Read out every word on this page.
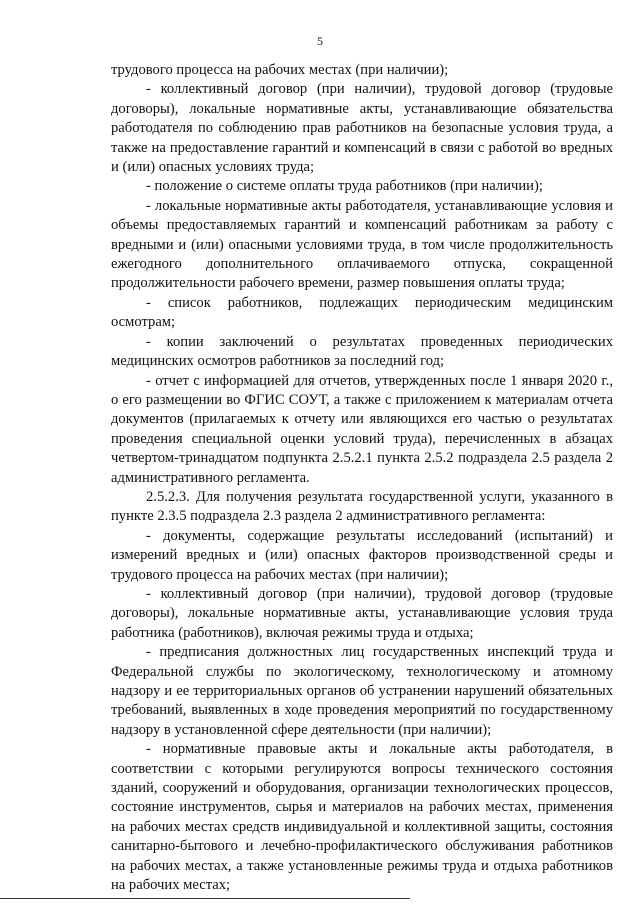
5

трудового процесса на рабочих местах (при наличии);

- коллективный договор (при наличии), трудовой договор (трудовые договоры), локальные нормативные акты, устанавливающие обязательства работодателя по соблюдению прав работников на безопасные условия труда, а также на предоставление гарантий и компенсаций в связи с работой во вредных и (или) опасных условиях труда;

- положение о системе оплаты труда работников (при наличии);

- локальные нормативные акты работодателя, устанавливающие условия и объемы предоставляемых гарантий и компенсаций работникам за работу с вредными и (или) опасными условиями труда, в том числе продолжительность ежегодного дополнительного оплачиваемого отпуска, сокращенной продолжительности рабочего времени, размер повышения оплаты труда;

- список работников, подлежащих периодическим медицинским осмотрам;

- копии заключений о результатах проведенных периодических медицинских осмотров работников за последний год;

- отчет с информацией для отчетов, утвержденных после 1 января 2020 г., о его размещении во ФГИС СОУТ, а также с приложением к материалам отчета документов (прилагаемых к отчету или являющихся его частью о результатах проведения специальной оценки условий труда), перечисленных в абзацах четвертом-тринадцатом подпункта 2.5.2.1 пункта 2.5.2 подраздела 2.5 раздела 2 административного регламента.

2.5.2.3. Для получения результата государственной услуги, указанного в пункте 2.3.5 подраздела 2.3 раздела 2 административного регламента:

- документы, содержащие результаты исследований (испытаний) и измерений вредных и (или) опасных факторов производственной среды и трудового процесса на рабочих местах (при наличии);

- коллективный договор (при наличии), трудовой договор (трудовые договоры), локальные нормативные акты, устанавливающие условия труда работника (работников), включая режимы труда и отдыха;

- предписания должностных лиц государственных инспекций труда и Федеральной службы по экологическому, технологическому и атомному надзору и ее территориальных органов об устранении нарушений обязательных требований, выявленных в ходе проведения мероприятий по государственному надзору в установленной сфере деятельности (при наличии);

- нормативные правовые акты и локальные акты работодателя, в соответствии с которыми регулируются вопросы технического состояния зданий, сооружений и оборудования, организации технологических процессов, состояние инструментов, сырья и материалов на рабочих местах, применения на рабочих местах средств индивидуальной и коллективной защиты, состояния санитарно-бытового и лечебно-профилактического обслуживания работников на рабочих местах, а также установленные режимы труда и отдыха работников на рабочих местах;
